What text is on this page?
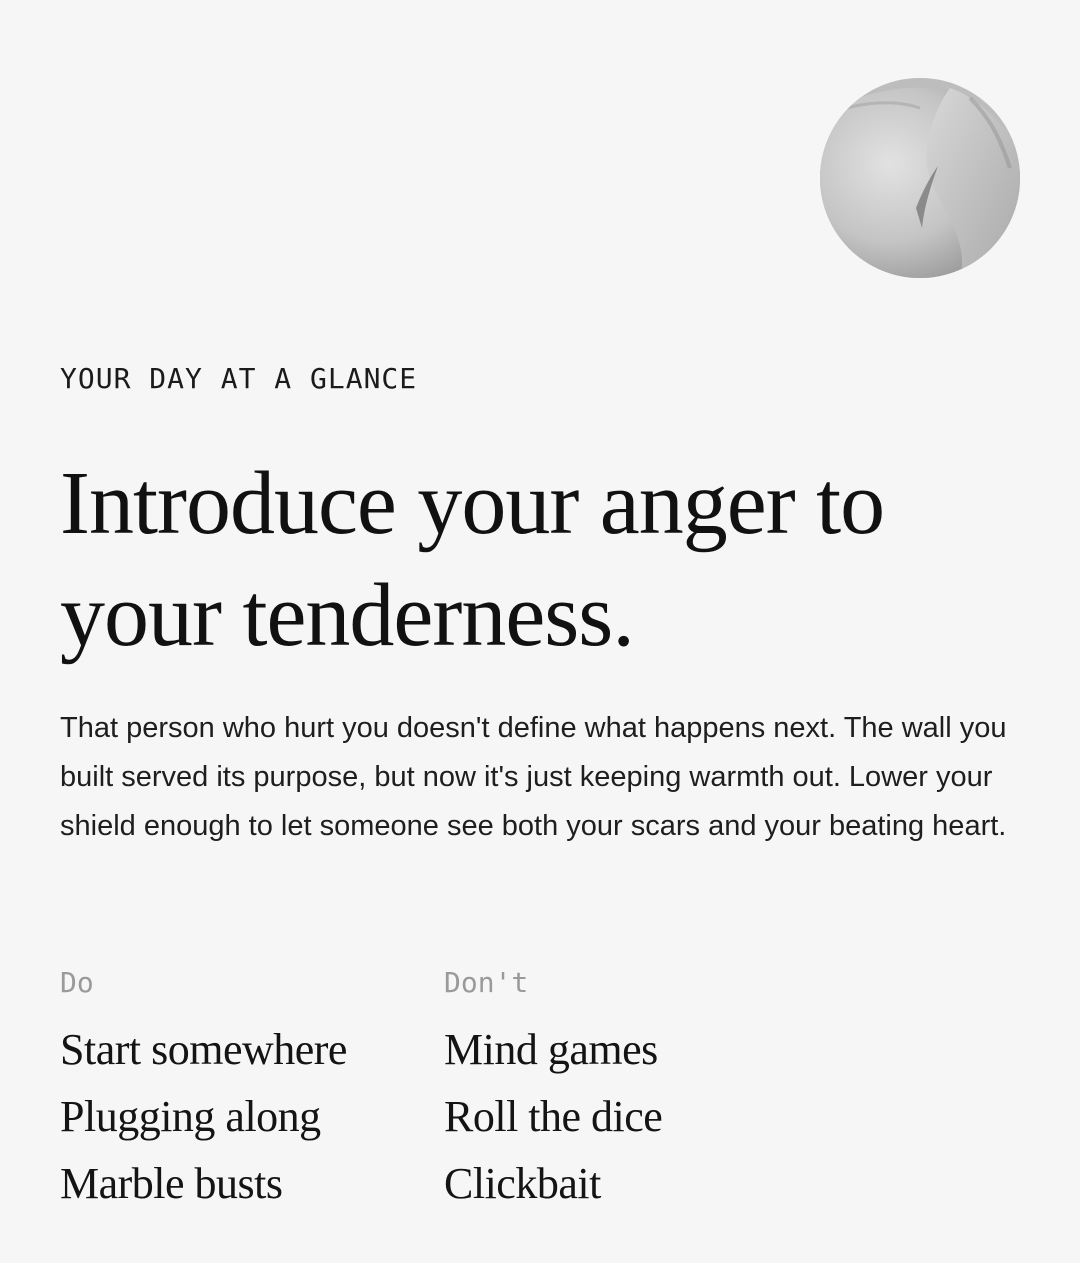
YOUR DAY AT A GLANCE
Introduce your anger to your tenderness.

That person who hurt you doesn't define what happens next. The wall you built served its purpose, but now it's just keeping warmth out. Lower your shield enough to let someone see both your scars and your beating heart.

Do
Start somewhere
Plugging along
Marble busts
Don't
Mind games
Roll the dice
Clickbait
